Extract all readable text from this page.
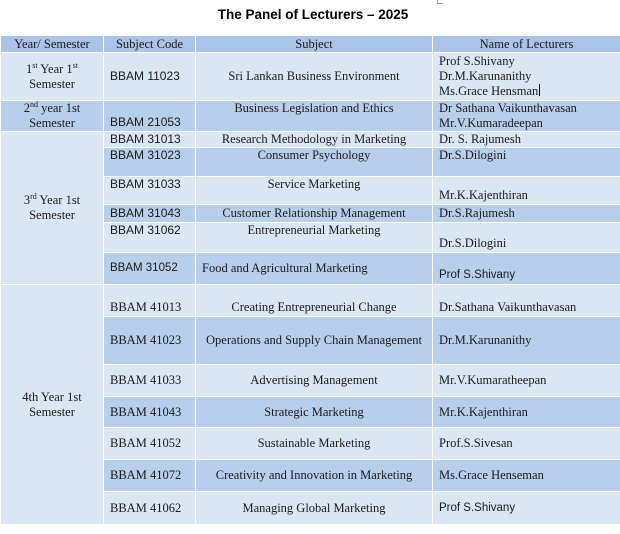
The Panel of Lecturers – 2025
Year/ Semester	Subject Code	Subject	Name of Lecturers
1st Year 1st
Semester	BBAM 11023	Sri Lankan Business Environment	Prof S.Shivany
Dr.M.Karunanithy
Ms.Grace Hensman

2nd year 1st
Semester	BBAM 21053	Business Legislation and Ethics	Dr Sathana Vaikunthavasan
Mr.V.Kumaradeepan

3rd Year 1st
Semester	BBAM 31013	Research Methodology in Marketing	Dr. S. Rajumesh
	BBAM 31023	Consumer Psychology	Dr.S.Dilogini
	BBAM 31033	Service Marketing	Mr.K.Kajenthiran
	BBAM 31043	Customer Relationship Management	Dr.S.Rajumesh
	BBAM 31062	Entrepreneurial Marketing	Dr.S.Dilogini
	BBAM 31052	Food and Agricultural Marketing	Prof S.Shivany
4th Year 1st
Semester	BBAM 41013	Creating Entrepreneurial Change	Dr.Sathana Vaikunthavasan
	BBAM 41023	Operations and Supply Chain Management	Dr.M.Karunanithy
	BBAM 41033	Advertising Management	Mr.V.Kumaratheepan
	BBAM 41043	Strategic Marketing	Mr.K.Kajenthiran
	BBAM 41052	Sustainable Marketing	Prof.S.Sivesan
	BBAM 41072	Creativity and Innovation in Marketing	Ms.Grace Henseman
	BBAM 41062	Managing Global Marketing	Prof S.Shivany
